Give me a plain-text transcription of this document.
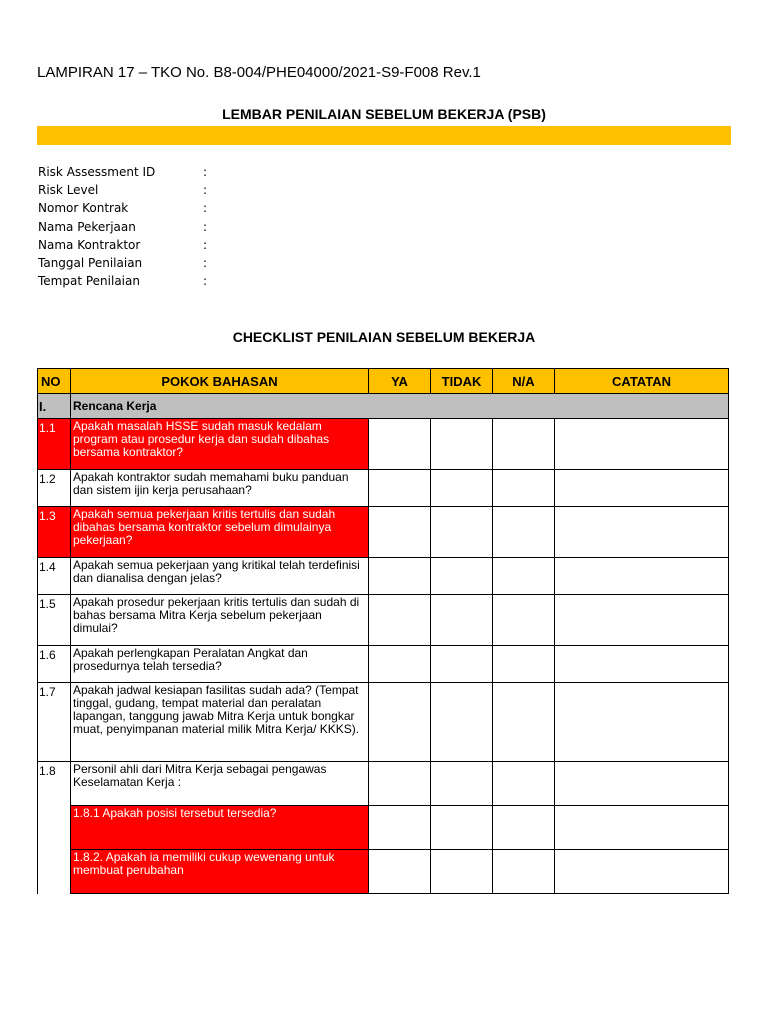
LAMPIRAN 17 – TKO No. B8-004/PHE04000/2021-S9-F008 Rev.1
LEMBAR PENILAIAN SEBELUM BEKERJA (PSB)
Risk Assessment ID	:
Risk Level	:
Nomor Kontrak	:
Nama Pekerjaan	:
Nama Kontraktor	:
Tanggal Penilaian	:
Tempat Penilaian	:
CHECKLIST PENILAIAN SEBELUM BEKERJA
NO	POKOK BAHASAN	YA	TIDAK	N/A	CATATAN
I.	Rencana Kerja				
1.1	Apakah masalah HSSE sudah masuk kedalam program atau prosedur kerja dan sudah dibahas bersama kontraktor?				
1.2	Apakah kontraktor sudah memahami buku panduan dan sistem ijin kerja perusahaan?				
1.3	Apakah semua pekerjaan kritis tertulis dan sudah dibahas bersama kontraktor sebelum dimulainya pekerjaan?				
1.4	Apakah semua pekerjaan yang kritikal telah terdefinisi dan dianalisa dengan jelas?				
1.5	Apakah prosedur pekerjaan kritis tertulis dan sudah di bahas bersama Mitra Kerja sebelum pekerjaan dimulai?				
1.6	Apakah perlengkapan Peralatan Angkat dan prosedurnya telah tersedia?				
1.7	Apakah jadwal kesiapan fasilitas sudah ada? (Tempat tinggal, gudang, tempat material dan peralatan lapangan, tanggung jawab Mitra Kerja untuk bongkar muat, penyimpanan material milik Mitra Kerja/ KKKS).				
1.8	Personil ahli dari Mitra Kerja sebagai pengawas Keselamatan Kerja :				
	1.8.1 Apakah posisi tersebut tersedia?				
	1.8.2. Apakah ia memiliki cukup wewenang untuk membuat perubahan				
